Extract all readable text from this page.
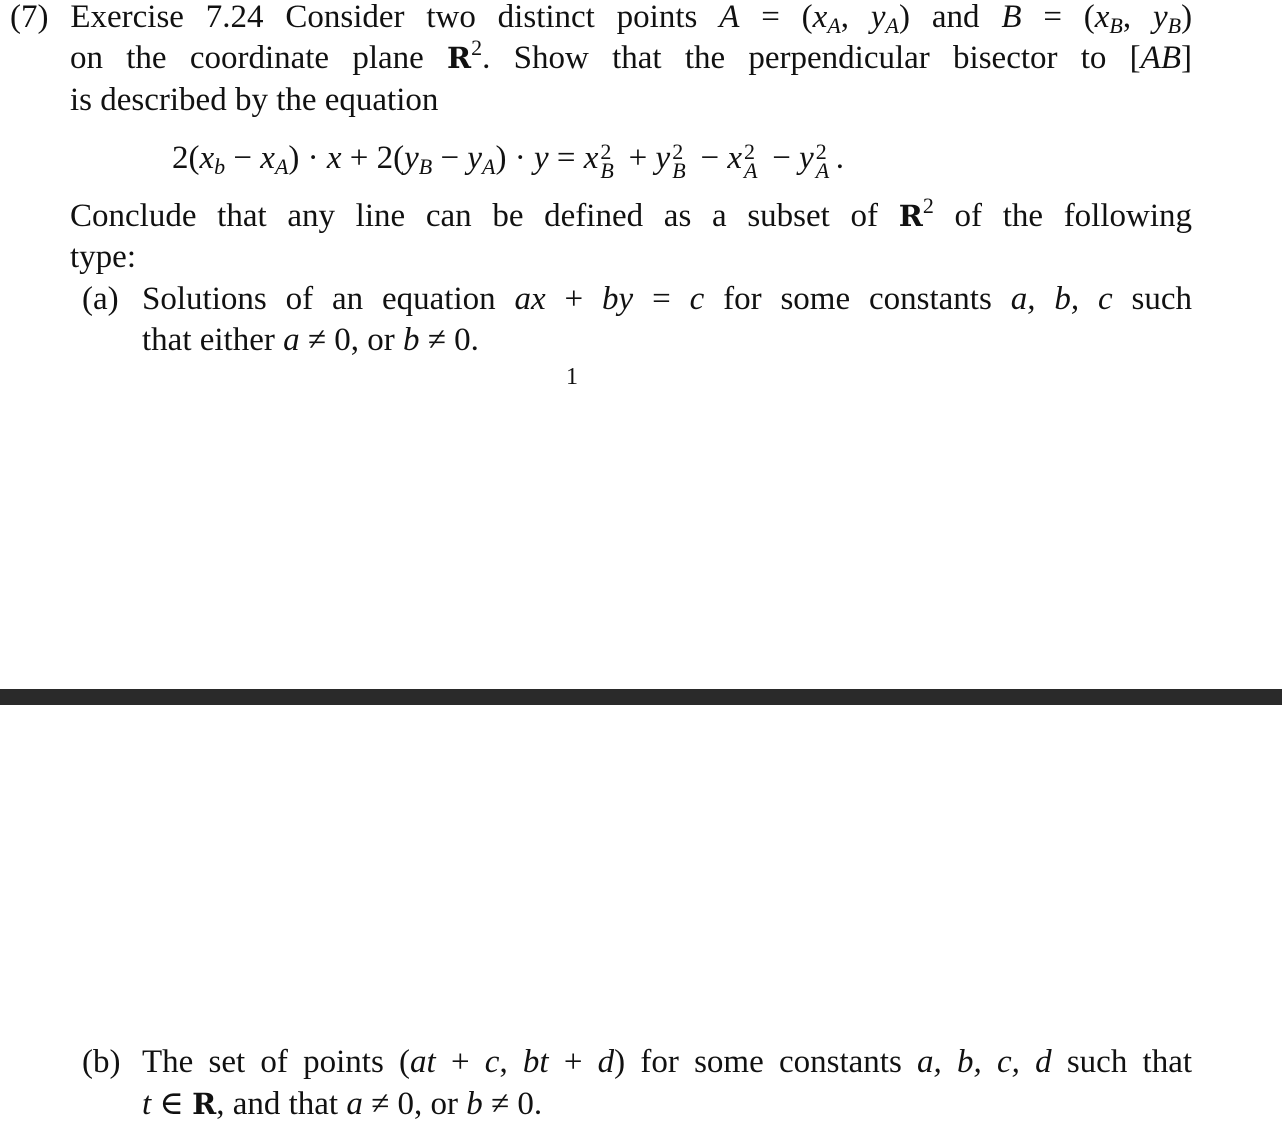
(7) Exercise 7.24 Consider two distinct points $A = (x_A$, $y_A$) and $B = (x_B$, $y_B$)
on the coordinate plane $R^2$. Show that the perpendicular bisector to [AB]
is described by the equation
$2(x_b - x_A) \cdot x + 2(y_B - y_A) \cdot y = x$ 2
B + y 2
B − x 2
A − y 2
A .
Conclude that any line can be defined as a subset of $R^2$ of the following
type:
(a) Solutions of an equation ax + by = c for some constants a, b, c such
that either a ≠ 0, or b ≠ 0.
1
(b) The set of points (at + c, bt + d) for some constants a, b, c, d such that
t ∈ R, and that a ≠ 0, or b ≠ 0.
